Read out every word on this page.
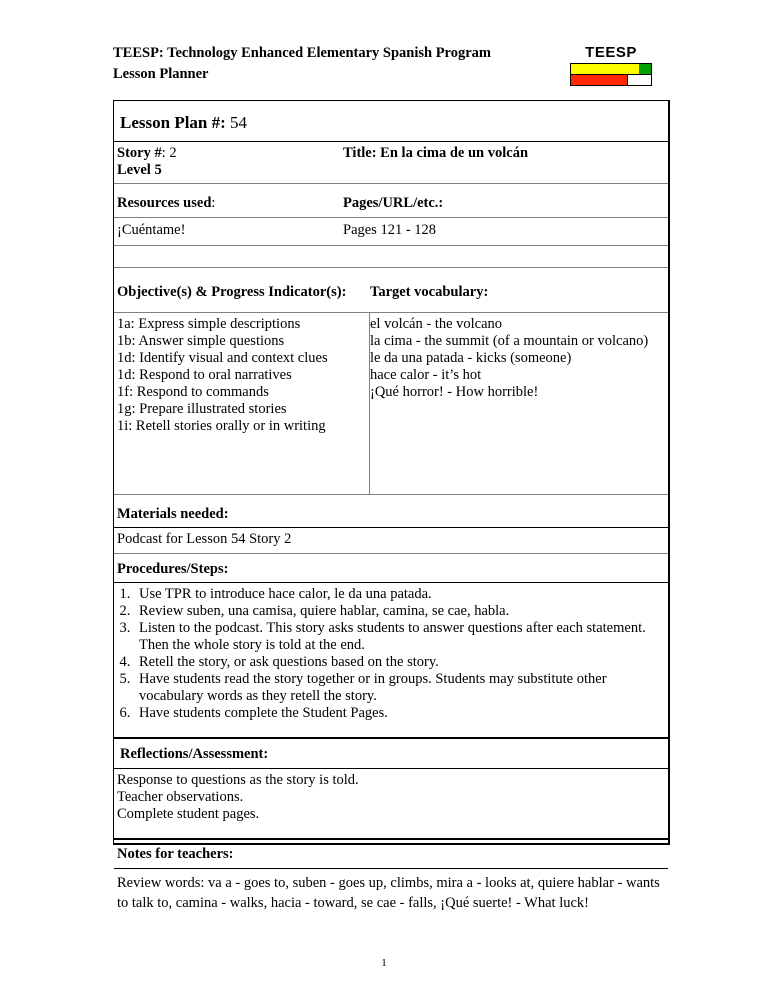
TEESP: Technology Enhanced Elementary Spanish Program
Lesson Planner
TEESP
Lesson Plan #: 54
Story #: 2
Level 5
Title: En la cima de un volcán
Resources used:	Pages/URL/etc.:
¡Cuéntame!	Pages 121 - 128
Objective(s) & Progress Indicator(s): Target vocabulary:
1a: Express simple descriptions
1b: Answer simple questions
1d: Identify visual and context clues
1d: Respond to oral narratives
1f: Respond to commands
1g: Prepare illustrated stories
1i: Retell stories orally or in writing
el volcán - the volcano
la cima - the summit (of a mountain or volcano)
le da una patada - kicks (someone)
hace calor - it’s hot
¡Qué horror! - How horrible!
Materials needed:
Podcast for Lesson 54 Story 2
Procedures/Steps:
1. Use TPR to introduce hace calor, le da una patada.
2. Review suben, una camisa, quiere hablar, camina, se cae, habla.
3. Listen to the podcast. This story asks students to answer questions after each statement. Then the whole story is told at the end.
4. Retell the story, or ask questions based on the story.
5. Have students read the story together or in groups. Students may substitute other vocabulary words as they retell the story.
6. Have students complete the Student Pages.
Reflections/Assessment:
Response to questions as the story is told.
Teacher observations.
Complete student pages.
Notes for teachers:
Review words: va a - goes to, suben - goes up, climbs, mira a - looks at, quiere hablar - wants to talk to, camina - walks, hacia - toward, se cae - falls, ¡Qué suerte! - What luck!
1
